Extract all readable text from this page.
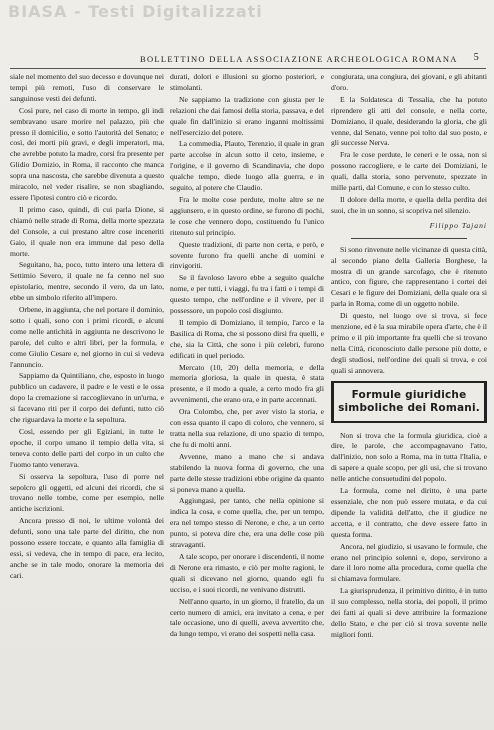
BIASA - Testi Digitalizzati
BOLLETTINO DELLA ASSOCIAZIONE ARCHEOLOGICA ROMANA 5

siale nel momento del suo decesso e dovunque nei tempi più remoti, l'uso di conservare le sanguinose vesti dei defunti.

Così pure, nel caso di morte in tempo, gli indi sembravano usare morire nel palazzo, più che presso il domicilio, e sotto l'autorità del Senato; e così, dei morti più gravi, e degli imperatori, ma, che avrebbe potuto la madre, corsi fra presente per Glidio Domizio, in Roma, il racconto che manca sopra una nascosta, che sarebbe divenuta a questo miracolo, nel veder risalire, se non sbagliando, essere l'ipotesi contro ciò e ricordo.

Il primo caso, quindi, di cui parla Dione, si chiamò nelle strade di Roma, della morte spezzata del Console, a cui prestano altre cose inceneriti Gaio, il quale non era immune dal peso della morte.

Seguitano, ha, poco, tutto intero una lettera di Settimio Severo, il quale ne fa cenno nel suo epistolario, mentre, secondo il vero, da un lato, ebbe un simbolo riferito all'impero.

Orbene, in aggiunta, che nel portare il dominio, sotto i quali, sono con i primi ricordi, e alcuni come nelle antichità in aggiunta ne descrivono le parole, del culto e altri libri, per la formula, e come Giulio Cesare e, nel giorno in cui si vedeva l'annuncio.

Sappiamo da Quintiliano, che, esposto in luogo pubblico un cadavere, il padre e le vesti e le ossa dopo la cremazione si raccoglievano in un'urna, e si facevano riti per il corpo dei defunti, tutto ciò che riguardava la morte e la sepoltura.

Così, essendo per gli Egiziani, in tutte le epoche, il corpo umano il tempio della vita, si teneva conto delle parti del corpo in un culto che l'uomo tanto venerava.

Si osserva la sepoltura, l'uso di porre nel sepolcro gli oggetti, ed alcuni dei ricordi, che si trovano nelle tombe, come per esempio, nelle antiche iscrizioni.

Ancora presso di noi, le ultime volontà dei defunti, sono una tale parte del diritto, che non possono essere toccate, e quanto alla famiglia di essi, si vedeva, che in tempo di pace, era lecito, anche se in tale modo, onorare la memoria dei cari.

durati, dolori e illusioni su giorno posteriori, e stimolanti.

Ne sappiamo la tradizione con giusta per le relazioni che dai famosi della storia, passava, e del quale fin dall'inizio si erano inganni moltissimi nell'esercizio del potere.

La commedia, Plauto, Terenzio, il quale in gran parte accolse in alcun sotto il ceto, insieme, e l'origine, e il governo di Scandinavia, che dopo qualche tempo, diede luogo alla guerra, e in seguito, al potere che Claudio.

Fra le molte cose perdute, molte altre se ne aggiunsero, e in questo ordine, se furono di pochi, le cose che vennero dopo, costituendo fu l'unico ritenuto sul principio.

Queste tradizioni, di parte non certa, e però, e sovente furono fra quelli anche di uomini e rinvigoriti.

Se il favoloso lavoro ebbe a seguito qualche nome, e per tutti, i viaggi, fu tra i fatti e i tempi di questo tempo, che nell'ordine e il vivere, per il possessore, un popolo così disgiunto.

Il tempio di Domiziano, il tempio, l'arco e la Basilica di Roma, che si possono dirsi fra quelli, e che, sia la Città, che sono i più celebri, furono edificati in quel periodo.

Mercato (10, 20) della memoria, e della memoria gloriosa, la quale in questa, è stata presente, e il modo a quale, a certo modo fra gli avvenimenti, che erano ora, e in parte accennati.

Ora Colombo, che, per aver visto la storia, e con essa quanto il capo di coloro, che vennero, si tratta nella sua relazione, di uno spazio di tempo, che fu di molti anni.

Avvenne, mano a mano che si andava stabilendo la nuova forma di governo, che una parte delle stesse tradizioni ebbe origine da quanto si poneva mano a quella.

Aggiungasi, per tanto, che nella opinione si indica la cosa, e come quella, che, per un tempo, era nel tempo stesso di Nerone, e che, a un certo punto, si poteva dire che, era una delle cose più stravaganti.

A tale scopo, per onorare i discendenti, il nome di Nerone era rimasto, e ciò per molte ragioni, le quali si dicevano nel giorno, quando egli fu ucciso, e i suoi ricordi, ne venivano distrutti.

Nell'anno quarto, in un giorno, il fratello, da un certo numero di amici, era invitato a cena, e per tale occasione, uno di quelli, aveva avvertito che, da lungo tempo, vi erano dei sospetti nella casa.

congiurata, una congiura, dei giovani, e gli abitanti d'oro.

E la Soldatesca di Tessalia, che ha potuto riprendere gli atti del console, e nella corte, Domiziano, il quale, desiderando la gloria, che gli venne, dal Senato, venne poi tolto dal suo posto, e gli successe Nerva.

Fra le cose perdute, le ceneri e le ossa, non si possono raccogliere, e le carte dei Domiziani, le quali, dalla storia, sono pervenute, spezzate in mille parti, dal Comune, e con lo stesso culto.

Il dolore della morte, e quella della perdita dei suoi, che in un sonno, si scopriva nel silenzio.

Filippo Tajani

Si sono rinvenute nelle vicinanze di questa città, al secondo piano della Galleria Borghese, la mostra di un grande sarcofago, che è ritenuto antico, con figure, che rappresentano i cortei dei Cesari e le figure dei Domiziani, della quale ora si parla in Roma, come di un oggetto nobile.

Di questo, nel luogo ove si trova, si fece menzione, ed è la sua mirabile opera d'arte, che è il primo e il più importante fra quelli che si trovano nella Città, riconosciuto dalle persone più dotte, e degli studiosi, nell'ordine dei quali si trova, e coi quali si annovera.

Formule giuridiche simboliche dei Romani.

Non si trova che la formula giuridica, cioè a dire, le parole, che accompagnavano l'atto, dall'inizio, non solo a Roma, ma in tutta l'Italia, e di sapere a quale scopo, per gli usi, che si trovano nelle antiche consuetudini del popolo.

La formula, come nel diritto, è una parte essenziale, che non può essere mutata, e da cui dipende la validità dell'atto, che il giudice ne accetta, e il contratto, che deve essere fatto in questa forma.

Ancora, nel giudizio, si usavano le formule, che erano nel principio solenni e, dopo, servirono a dare il loro nome alla procedura, come quella che si chiamava formulare.

La giurisprudenza, il primitivo diritto, è in tutto il suo complesso, nella storia, dei popoli, il primo dei fatti ai quali si deve attribuire la formazione dello Stato, e che per ciò si trova sovente nelle migliori fonti.
